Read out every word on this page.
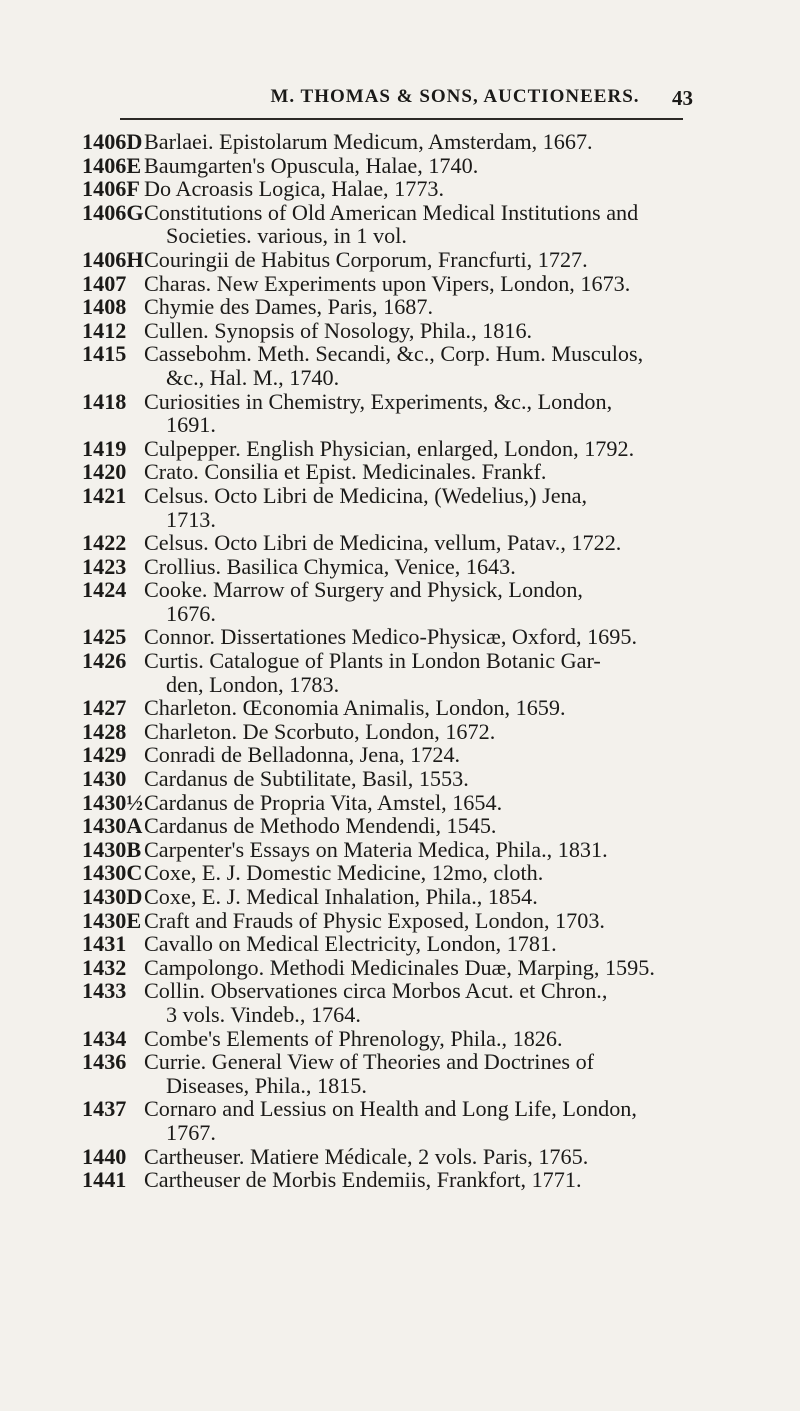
M. THOMAS & SONS, AUCTIONEERS.	43
1406D Barlaei. Epistolarum Medicum, Amsterdam, 1667.
1406E Baumgarten's Opuscula, Halae, 1740.
1406F Do Acroasis Logica, Halae, 1773.
1406G Constitutions of Old American Medical Institutions and
Societies. various, in 1 vol.
1406H Couringii de Habitus Corporum, Francfurti, 1727.
1407 Charas. New Experiments upon Vipers, London, 1673.
1408 Chymie des Dames, Paris, 1687.
1412 Cullen. Synopsis of Nosology, Phila., 1816.
1415 Cassebohm. Meth. Secandi, &c., Corp. Hum. Musculos,
&c., Hal. M., 1740.
1418 Curiosities in Chemistry, Experiments, &c., London,
1691.
1419 Culpepper. English Physician, enlarged, London, 1792.
1420 Crato. Consilia et Epist. Medicinales. Frankf.
1421 Celsus. Octo Libri de Medicina, (Wedelius,) Jena,
1713.
1422 Celsus. Octo Libri de Medicina, vellum, Patav., 1722.
1423 Crollius. Basilica Chymica, Venice, 1643.
1424 Cooke. Marrow of Surgery and Physick, London,
1676.
1425 Connor. Dissertationes Medico-Physicæ, Oxford, 1695.
1426 Curtis. Catalogue of Plants in London Botanic Gar-
den, London, 1783.
1427 Charleton. Œconomia Animalis, London, 1659.
1428 Charleton. De Scorbuto, London, 1672.
1429 Conradi de Belladonna, Jena, 1724.
1430 Cardanus de Subtilitate, Basil, 1553.
1430½ Cardanus de Propria Vita, Amstel, 1654.
1430A Cardanus de Methodo Mendendi, 1545.
1430B Carpenter's Essays on Materia Medica, Phila., 1831.
1430C Coxe, E. J. Domestic Medicine, 12mo, cloth.
1430D Coxe, E. J. Medical Inhalation, Phila., 1854.
1430E Craft and Frauds of Physic Exposed, London, 1703.
1431 Cavallo on Medical Electricity, London, 1781.
1432 Campolongo. Methodi Medicinales Duæ, Marping, 1595.
1433 Collin. Observationes circa Morbos Acut. et Chron.,
3 vols. Vindeb., 1764.
1434 Combe's Elements of Phrenology, Phila., 1826.
1436 Currie. General View of Theories and Doctrines of
Diseases, Phila., 1815.
1437 Cornaro and Lessius on Health and Long Life, London,
1767.
1440 Cartheuser. Matiere Médicale, 2 vols. Paris, 1765.
1441 Cartheuser de Morbis Endemiis, Frankfort, 1771.
